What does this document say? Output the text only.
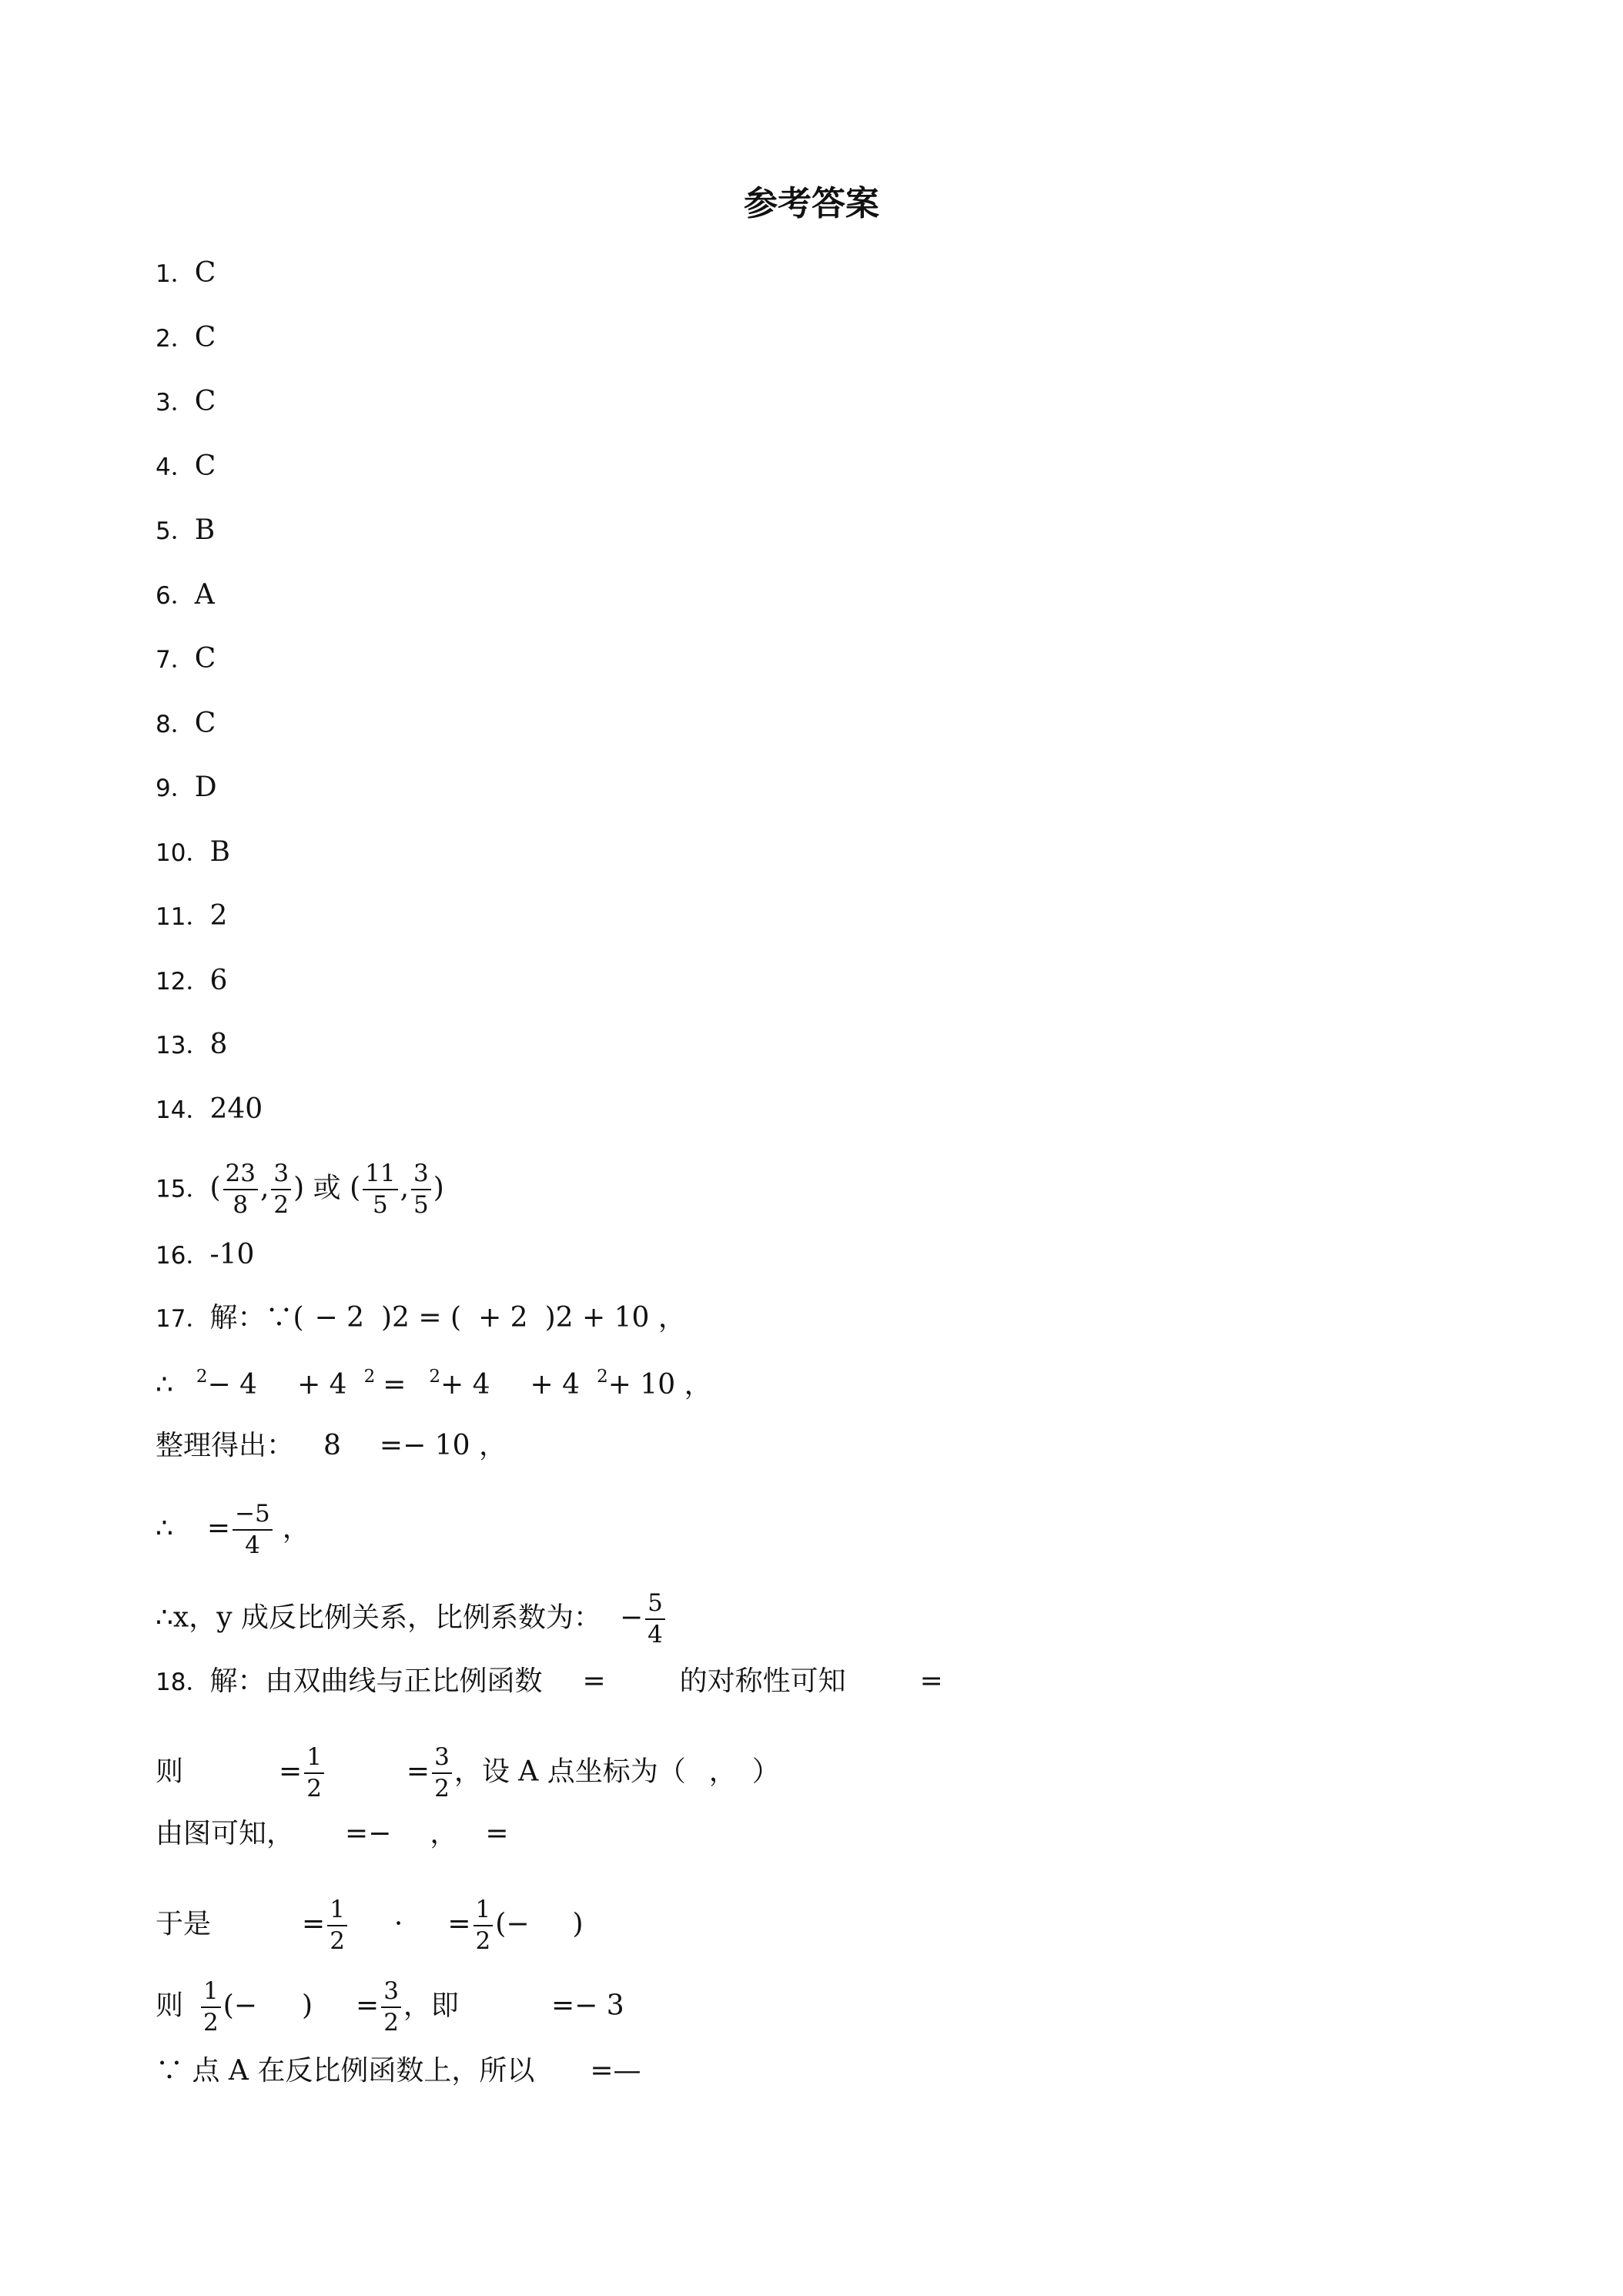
参考答案
1．C
2．C
3．C
4．C
5．B
6．A
7．C
8．C
9．D
10．B
11．2
12．6
13．8
14．240
15．( $\frac{23}{8}$ , $\frac{3}{2}$ ) 或 ( $\frac{11}{5}$ , $\frac{3}{5}$ )
16．-10
17．解：∵( − 2 )2 = ( + 2 )2 + 10 ，
∴ $^2$− 4 + 4 $^2$ = $^2$+ 4 + 4 $^2$+ 10 ，
整理得出： 8 =− 10 ，
∴ = $\frac{-5}{4}$ ，
∴x，y 成反比例关系，比例系数为： − $\frac{5}{4}$
18．解：由双曲线与正比例函数 =	的对称性可知	=
则	= $\frac{1}{2}$	= $\frac{3}{2}$ ，设 A 点坐标为（ ， ）
由图可知， =− ， =
于是	= $\frac{1}{2}$ · = $\frac{1}{2}$ (− )
则 $\frac{1}{2}$ (− ) = $\frac{3}{2}$ ，即	=− 3
∵ 点 A 在反比例函数上，所以 =—
